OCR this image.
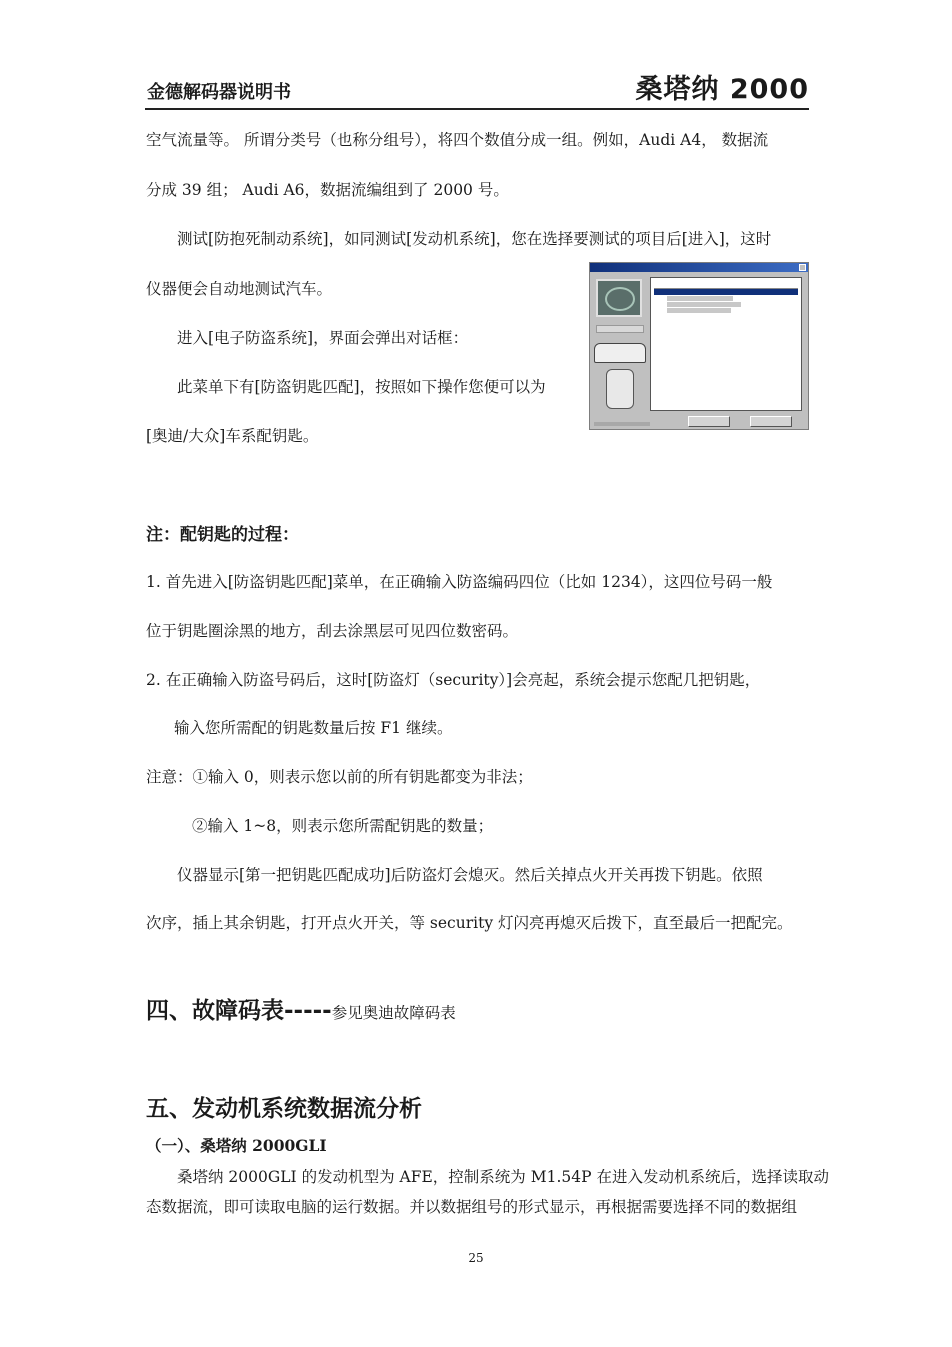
金德解码器说明书	桑塔纳 2000
空气流量等。 所谓分类号（也称分组号），将四个数值分成一组。例如，Audi A4， 数据流
分成 39 组； Audi A6，数据流编组到了 2000 号。
测试[防抱死制动系统]，如同测试[发动机系统]，您在选择要测试的项目后[进入]，这时
仪器便会自动地测试汽车。
进入[电子防盗系统]，界面会弹出对话框：
此菜单下有[防盗钥匙匹配]，按照如下操作您便可以为
[奥迪/大众]车系配钥匙。
注：配钥匙的过程：
1. 首先进入[防盗钥匙匹配]菜单，在正确输入防盗编码四位（比如 1234），这四位号码一般
位于钥匙圈涂黑的地方，刮去涂黑层可见四位数密码。
2. 在正确输入防盗号码后，这时[防盗灯（security）]会亮起，系统会提示您配几把钥匙，
输入您所需配的钥匙数量后按 F1 继续。
注意：①输入 0，则表示您以前的所有钥匙都变为非法；
②输入 1~8，则表示您所需配钥匙的数量；
仪器显示[第一把钥匙匹配成功]后防盗灯会熄灭。然后关掉点火开关再拨下钥匙。依照
次序，插上其余钥匙，打开点火开关，等 security 灯闪亮再熄灭后拨下，直至最后一把配完。
四、故障码表-----参见奥迪故障码表
五、发动机系统数据流分析
（一）、桑塔纳 2000GLI
桑塔纳 2000GLI 的发动机型为 AFE，控制系统为 M1.54P 在进入发动机系统后，选择读取动
态数据流，即可读取电脑的运行数据。并以数据组号的形式显示，再根据需要选择不同的数据组
25
